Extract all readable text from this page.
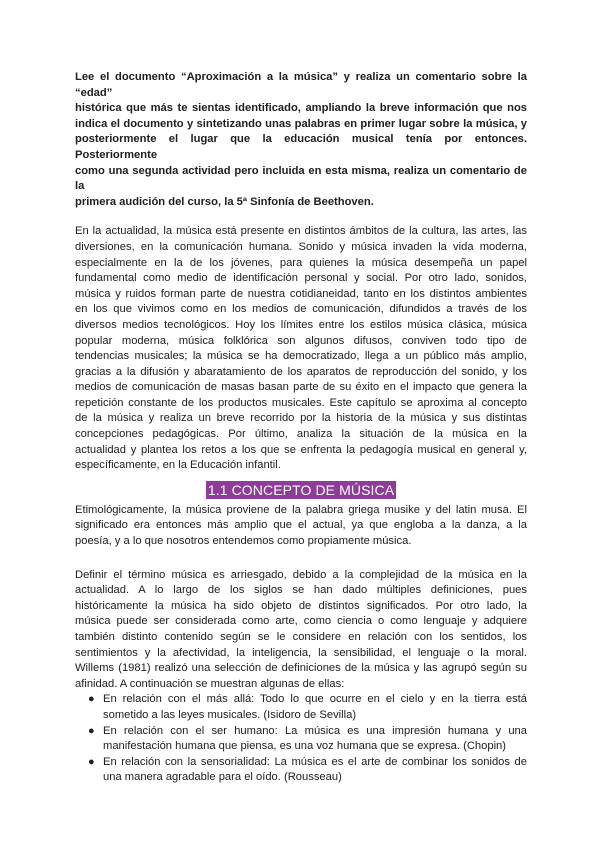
Lee el documento “Aproximación a la música” y realiza un comentario sobre la “edad”
histórica que más te sientas identificado, ampliando la breve información que nos
indica el documento y sintetizando unas palabras en primer lugar sobre la música, y
posteriormente el lugar que la educación musical tenía por entonces. Posteriormente
como una segunda actividad pero incluida en esta misma, realiza un comentario de la
primera audición del curso, la 5ª Sinfonía de Beethoven.
En la actualidad, la música está presente en distintos ámbitos de la cultura, las artes, las
diversiones, en la comunicación humana. Sonido y música invaden la vida moderna,
especialmente en la de los jóvenes, para quienes la música desempeña un papel
fundamental como medio de identificación personal y social. Por otro lado, sonidos,
música y ruidos forman parte de nuestra cotidianeidad, tanto en los distintos ambientes
en los que vivimos como en los medios de comunicación, difundidos a través de los
diversos medios tecnológicos. Hoy los límites entre los estilos música clásica, música
popular moderna, música folklórica son algunos difusos, conviven todo tipo de
tendencias musicales; la música se ha democratizado, llega a un público más amplio,
gracias a la difusión y abaratamiento de los aparatos de reproducción del sonido, y los
medios de comunicación de masas basan parte de su éxito en el impacto que genera la
repetición constante de los productos musicales. Este capítulo se aproxima al concepto
de la música y realiza un breve recorrido por la historia de la música y sus distintas
concepciones pedagógicas. Por último, analiza la situación de la música en la
actualidad y plantea los retos a los que se enfrenta la pedagogía musical en general y,
específicamente, en la Educación infantil.
1.1 CONCEPTO DE MÚSICA
Etimológicamente, la música proviene de la palabra griega musike y del latin musa. El
significado era entonces más amplio que el actual, ya que engloba a la danza, a la
poesía, y a lo que nosotros entendemos como propiamente música.
Definir el término música es arriesgado, debido a la complejidad de la música en la
actualidad. A lo largo de los siglos se han dado múltiples definiciones, pues
históricamente la música ha sido objeto de distintos significados. Por otro lado, la
música puede ser considerada como arte, como ciencia o como lenguaje y adquiere
también distinto contenido según se le considere en relación con los sentidos, los
sentimientos y la afectividad, la inteligencia, la sensibilidad, el lenguaje o la moral.
Willems (1981) realizó una selección de definiciones de la música y las agrupó según su
afinidad. A continuación se muestran algunas de ellas:
● En relación con el más allá: Todo lo que ocurre en el cielo y en la tierra está
sometido a las leyes musicales. (Isidoro de Sevilla)
● En relación con el ser humano: La música es una impresión humana y una
manifestación humana que piensa, es una voz humana que se expresa. (Chopin)
● En relación con la sensorialidad: La música es el arte de combinar los sonidos de
una manera agradable para el oído. (Rousseau)
